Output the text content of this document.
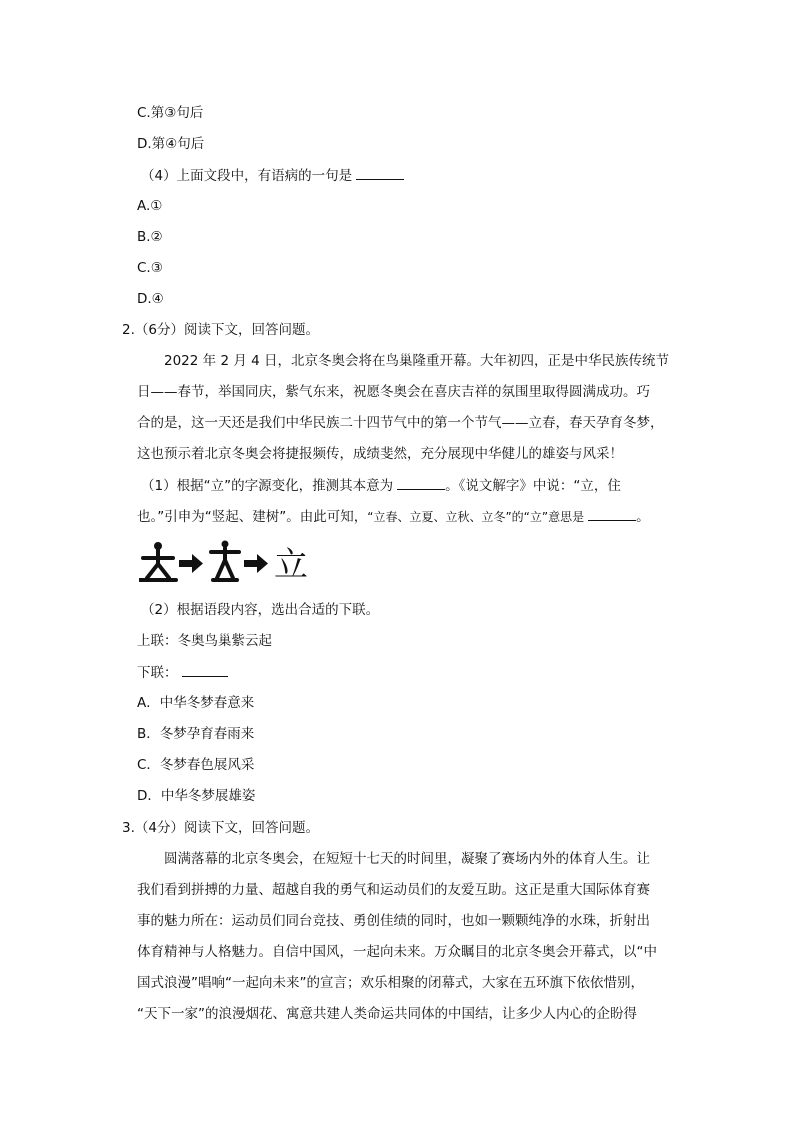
C.第③句后
D.第④句后
（4）上面文段中，有语病的一句是
A.①
B.②
C.③
D.④
2.（6分）阅读下文，回答问题。
2022 年 2 月 4 日，北京冬奥会将在鸟巢隆重开幕。大年初四，正是中华民族传统节
日——春节，举国同庆，紫气东来，祝愿冬奥会在喜庆吉祥的氛围里取得圆满成功。巧
合的是，这一天还是我们中华民族二十四节气中的第一个节气——立春，春天孕育冬梦，
这也预示着北京冬奥会将捷报频传，成绩斐然，充分展现中华健儿的雄姿与风采！
（1）根据“立”的字源变化，推测其本意为	。《说文解字》中说：“立，住
也。”引申为“竖起、建树”。由此可知，“立春、立夏、立秋、立冬”的“立”意思是	。
立
（2）根据语段内容，选出合适的下联。
上联：冬奥鸟巢紫云起
下联：
A．中华冬梦春意来
B．冬梦孕育春雨来
C．冬梦春色展风采
D．中华冬梦展雄姿
3.（4分）阅读下文，回答问题。
圆满落幕的北京冬奥会，在短短十七天的时间里，凝聚了赛场内外的体育人生。让
我们看到拼搏的力量、超越自我的勇气和运动员们的友爱互助。这正是重大国际体育赛
事的魅力所在：运动员们同台竞技、勇创佳绩的同时，也如一颗颗纯净的水珠，折射出
体育精神与人格魅力。自信中国风，一起向未来。万众瞩目的北京冬奥会开幕式，以“中
国式浪漫”唱响“一起向未来”的宣言；欢乐相聚的闭幕式，大家在五环旗下依依惜别，
“天下一家”的浪漫烟花、寓意共建人类命运共同体的中国结，让多少人内心的企盼得
